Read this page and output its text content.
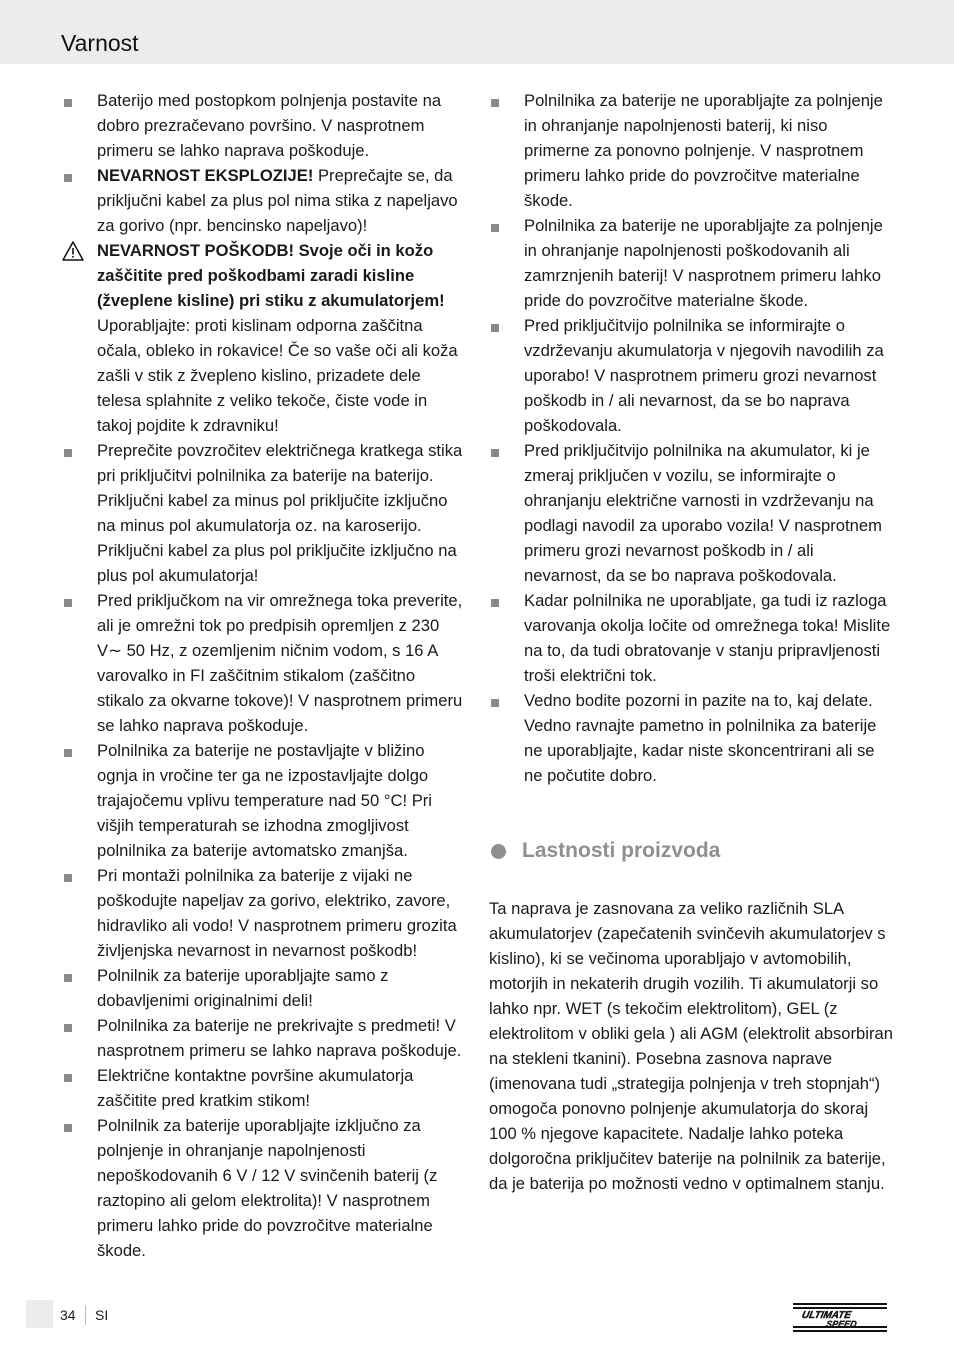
Varnost

Baterijo med postopkom polnjenja postavite na dobro prezračevano površino. V nasprotnem primeru se lahko naprava poškoduje.

NEVARNOST EKSPLOZIJE! Preprečajte se, da priključni kabel za plus pol nima stika z napeljavo za gorivo (npr. bencinsko napeljavo)!

NEVARNOST POŠKODB! Svoje oči in kožo zaščitite pred poškodbami zaradi kisline (žveplene kisline) pri stiku z akumulatorjem! Uporabljajte: proti kislinam odporna zaščitna očala, obleko in rokavice! Če so vaše oči ali koža zašli v stik z žvepleno kislino, prizadete dele telesa splahnite z veliko tekoče, čiste vode in takoj pojdite k zdravniku!

Preprečite povzročitev električnega kratkega stika pri priključitvi polnilnika za baterije na baterijo. Priključni kabel za minus pol priključite izključno na minus pol akumulatorja oz. na karoserijo. Priključni kabel za plus pol priključite izključno na plus pol akumulatorja!

Pred priključkom na vir omrežnega toka preverite, ali je omrežni tok po predpisih opremljen z 230 V∼ 50 Hz, z ozemljenim ničnim vodom, s 16 A varovalko in FI zaščitnim stikalom (zaščitno stikalo za okvarne tokove)! V nasprotnem primeru se lahko naprava poškoduje.

Polnilnika za baterije ne postavljajte v bližino ognja in vročine ter ga ne izpostavljajte dolgo trajajočemu vplivu temperature nad 50 °C! Pri višjih temperaturah se izhodna zmogljivost polnilnika za baterije avtomatsko zmanjša.

Pri montaži polnilnika za baterije z vijaki ne poškodujte napeljav za gorivo, elektriko, zavore, hidravliko ali vodo! V nasprotnem primeru grozita življenjska nevarnost in nevarnost poškodb!

Polnilnik za baterije uporabljajte samo z dobavljenimi originalnimi deli!

Polnilnika za baterije ne prekrivajte s predmeti! V nasprotnem primeru se lahko naprava poškoduje.

Električne kontaktne površine akumulatorja zaščitite pred kratkim stikom!

Polnilnik za baterije uporabljajte izključno za polnjenje in ohranjanje napolnjenosti nepoškodovanih 6 V / 12 V svinčenih baterij (z raztopino ali gelom elektrolita)! V nasprotnem primeru lahko pride do povzročitve materialne škode.

Polnilnika za baterije ne uporabljajte za polnjenje in ohranjanje napolnjenosti baterij, ki niso primerne za ponovno polnjenje. V nasprotnem primeru lahko pride do povzročitve materialne škode.

Polnilnika za baterije ne uporabljajte za polnjenje in ohranjanje napolnjenosti poškodovanih ali zamrznjenih baterij! V nasprotnem primeru lahko pride do povzročitve materialne škode.

Pred priključitvijo polnilnika se informirajte o vzdrževanju akumulatorja v njegovih navodilih za uporabo! V nasprotnem primeru grozi nevarnost poškodb in / ali nevarnost, da se bo naprava poškodovala.

Pred priključitvijo polnilnika na akumulator, ki je zmeraj priključen v vozilu, se informirajte o ohranjanju električne varnosti in vzdrževanju na podlagi navodil za uporabo vozila! V nasprotnem primeru grozi nevarnost poškodb in / ali nevarnost, da se bo naprava poškodovala.

Kadar polnilnika ne uporabljate, ga tudi iz razloga varovanja okolja ločite od omrežnega toka! Mislite na to, da tudi obratovanje v stanju pripravljenosti troši električni tok.

Vedno bodite pozorni in pazite na to, kaj delate. Vedno ravnajte pametno in polnilnika za baterije ne uporabljajte, kadar niste skoncentrirani ali se ne počutite dobro.

Lastnosti proizvoda

Ta naprava je zasnovana za veliko različnih SLA akumulatorjev (zapečatenih svinčevih akumulatorjev s kislino), ki se večinoma uporabljajo v avtomobilih, motorjih in nekaterih drugih vozilih. Ti akumulatorji so lahko npr. WET (s tekočim elektrolitom), GEL (z elektrolitom v obliki gela ) ali AGM (elektrolit absorbiran na stekleni tkanini). Posebna zasnova naprave (imenovana tudi „strategija polnjenja v treh stopnjah“) omogoča ponovno polnjenje akumulatorja do skoraj 100 % njegove kapacitete. Nadalje lahko poteka dolgoročna priključitev baterije na polnilnik za baterije, da je baterija po možnosti vedno v optimalnem stanju.

34 SI	ULTIMATE
SPEED
